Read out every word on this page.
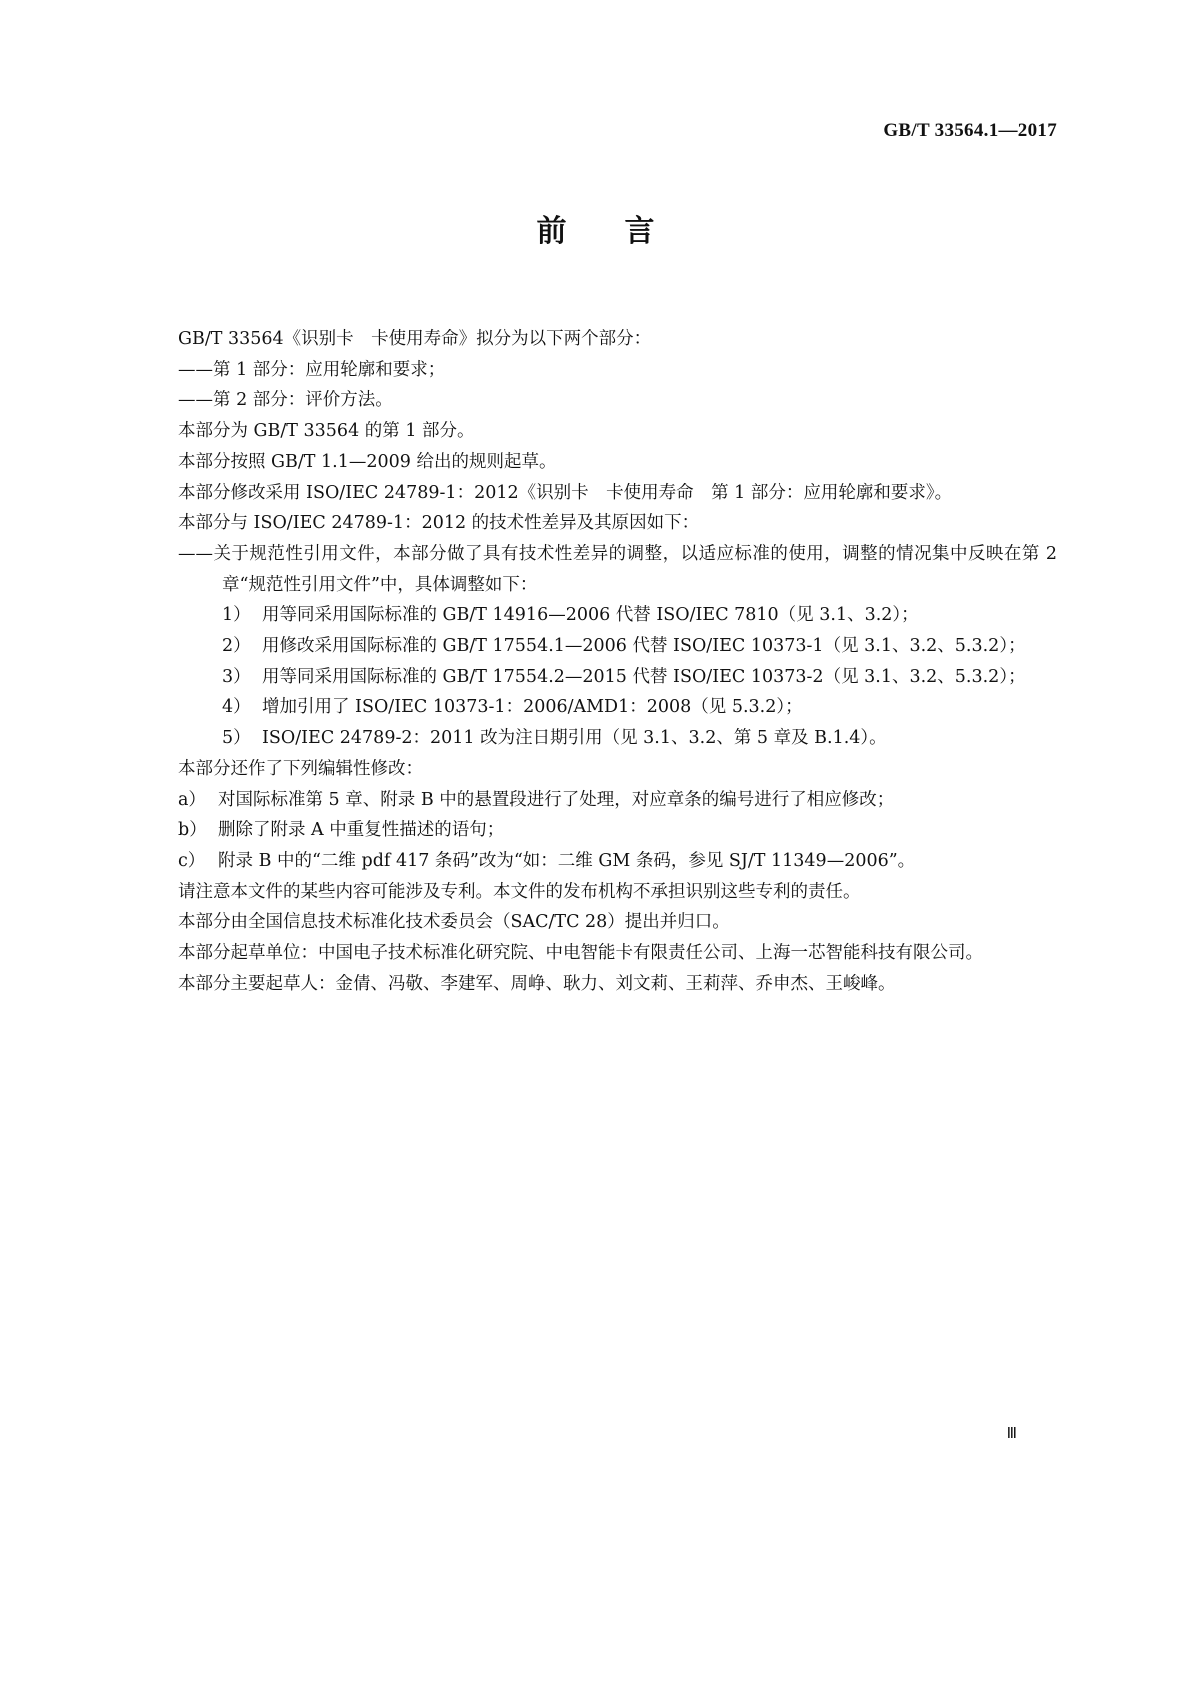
GB/T 33564.1—2017
前言
GB/T 33564《识别卡　卡使用寿命》拟分为以下两个部分：
——第 1 部分：应用轮廓和要求；
——第 2 部分：评价方法。
本部分为 GB/T 33564 的第 1 部分。
本部分按照 GB/T 1.1—2009 给出的规则起草。
本部分修改采用 ISO/IEC 24789-1：2012《识别卡　卡使用寿命　第 1 部分：应用轮廓和要求》。
本部分与 ISO/IEC 24789-1：2012 的技术性差异及其原因如下：
——关于规范性引用文件，本部分做了具有技术性差异的调整，以适应标准的使用，调整的情况集中反映在第 2 章“规范性引用文件”中，具体调整如下：
1） 用等同采用国际标准的 GB/T 14916—2006 代替 ISO/IEC 7810（见 3.1、3.2）；
2） 用修改采用国际标准的 GB/T 17554.1—2006 代替 ISO/IEC 10373-1（见 3.1、3.2、5.3.2）；
3） 用等同采用国际标准的 GB/T 17554.2—2015 代替 ISO/IEC 10373-2（见 3.1、3.2、5.3.2）；
4） 增加引用了 ISO/IEC 10373-1：2006/AMD1：2008（见 5.3.2）；
5） ISO/IEC 24789-2：2011 改为注日期引用（见 3.1、3.2、第 5 章及 B.1.4）。
本部分还作了下列编辑性修改：
a） 对国际标准第 5 章、附录 B 中的悬置段进行了处理，对应章条的编号进行了相应修改；
b） 删除了附录 A 中重复性描述的语句；
c） 附录 B 中的“二维 pdf 417 条码”改为“如：二维 GM 条码，参见 SJ/T 11349—2006”。
请注意本文件的某些内容可能涉及专利。本文件的发布机构不承担识别这些专利的责任。
本部分由全国信息技术标准化技术委员会（SAC/TC 28）提出并归口。
本部分起草单位：中国电子技术标准化研究院、中电智能卡有限责任公司、上海一芯智能科技有限公司。
本部分主要起草人：金倩、冯敬、李建军、周峥、耿力、刘文莉、王莉萍、乔申杰、王峻峰。
Ⅲ
